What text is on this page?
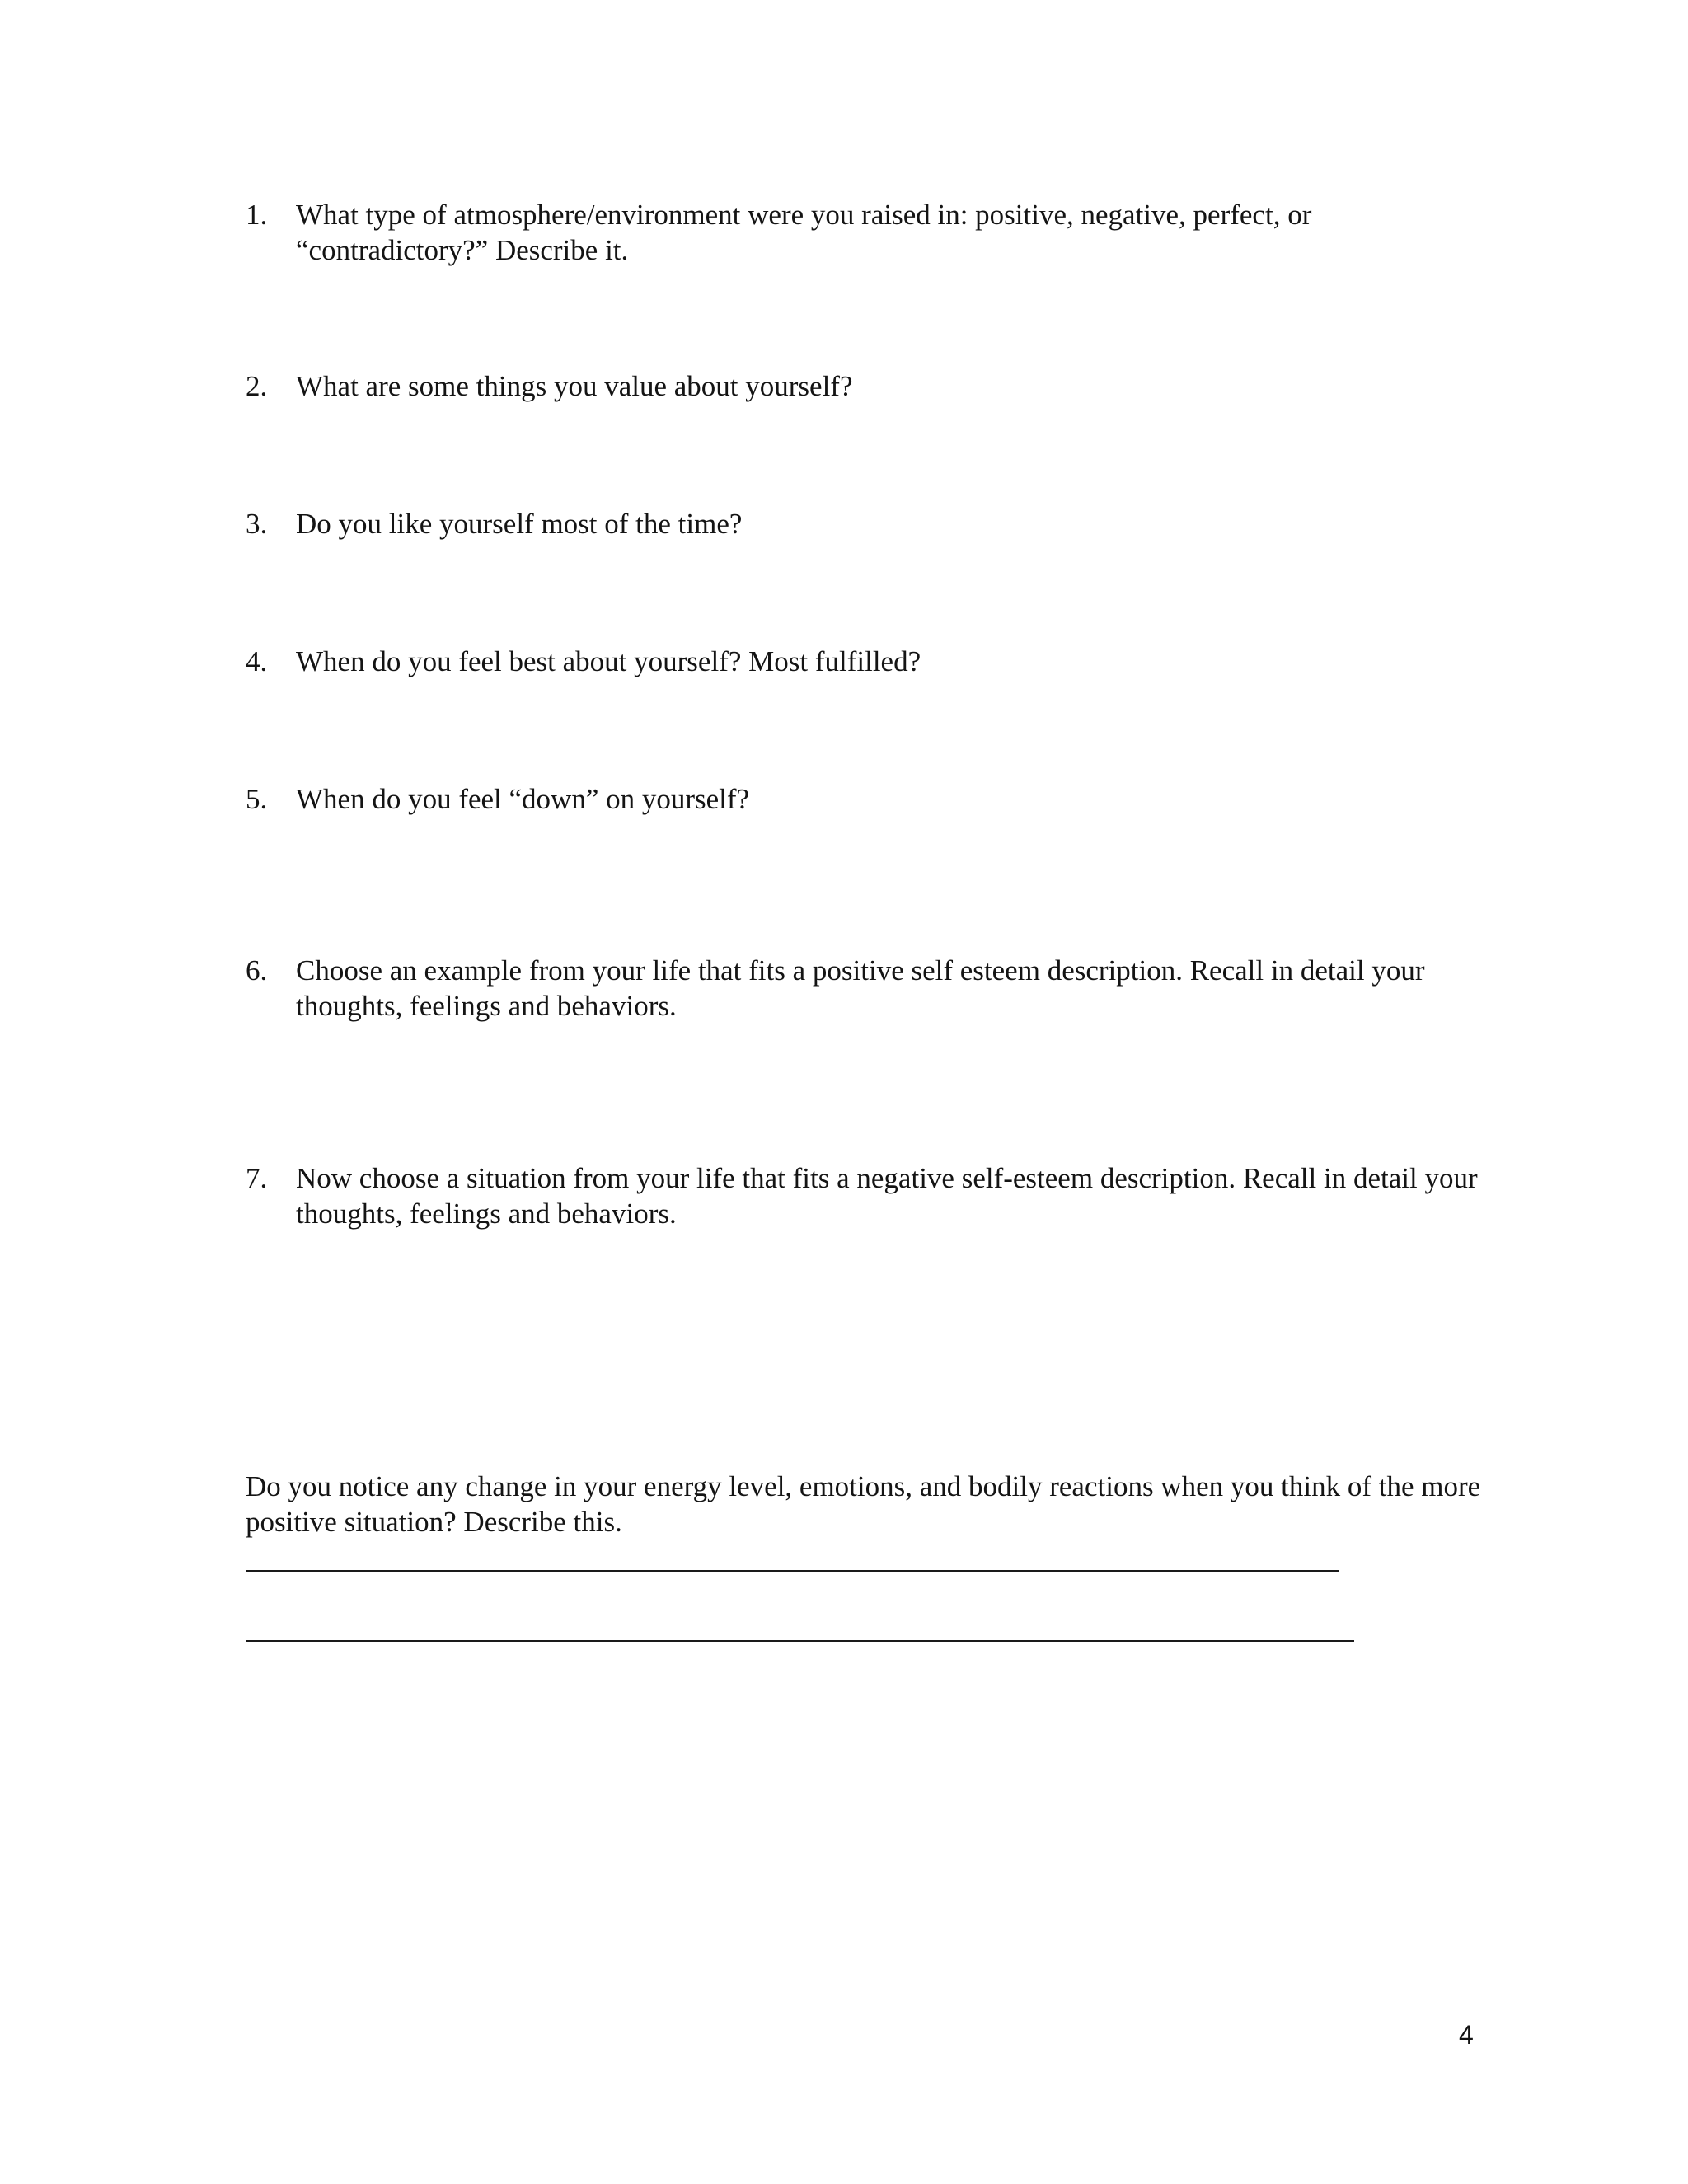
1. What type of atmosphere/environment were you raised in: positive, negative, perfect, or “contradictory?” Describe it.
2. What are some things you value about yourself?
3. Do you like yourself most of the time?
4. When do you feel best about yourself? Most fulfilled?
5. When do you feel “down” on yourself?
6. Choose an example from your life that fits a positive self esteem description. Recall in detail your thoughts, feelings and behaviors.
7. Now choose a situation from your life that fits a negative self-esteem description. Recall in detail your thoughts, feelings and behaviors.
Do you notice any change in your energy level, emotions, and bodily reactions when you think of the more positive situation? Describe this.
4
